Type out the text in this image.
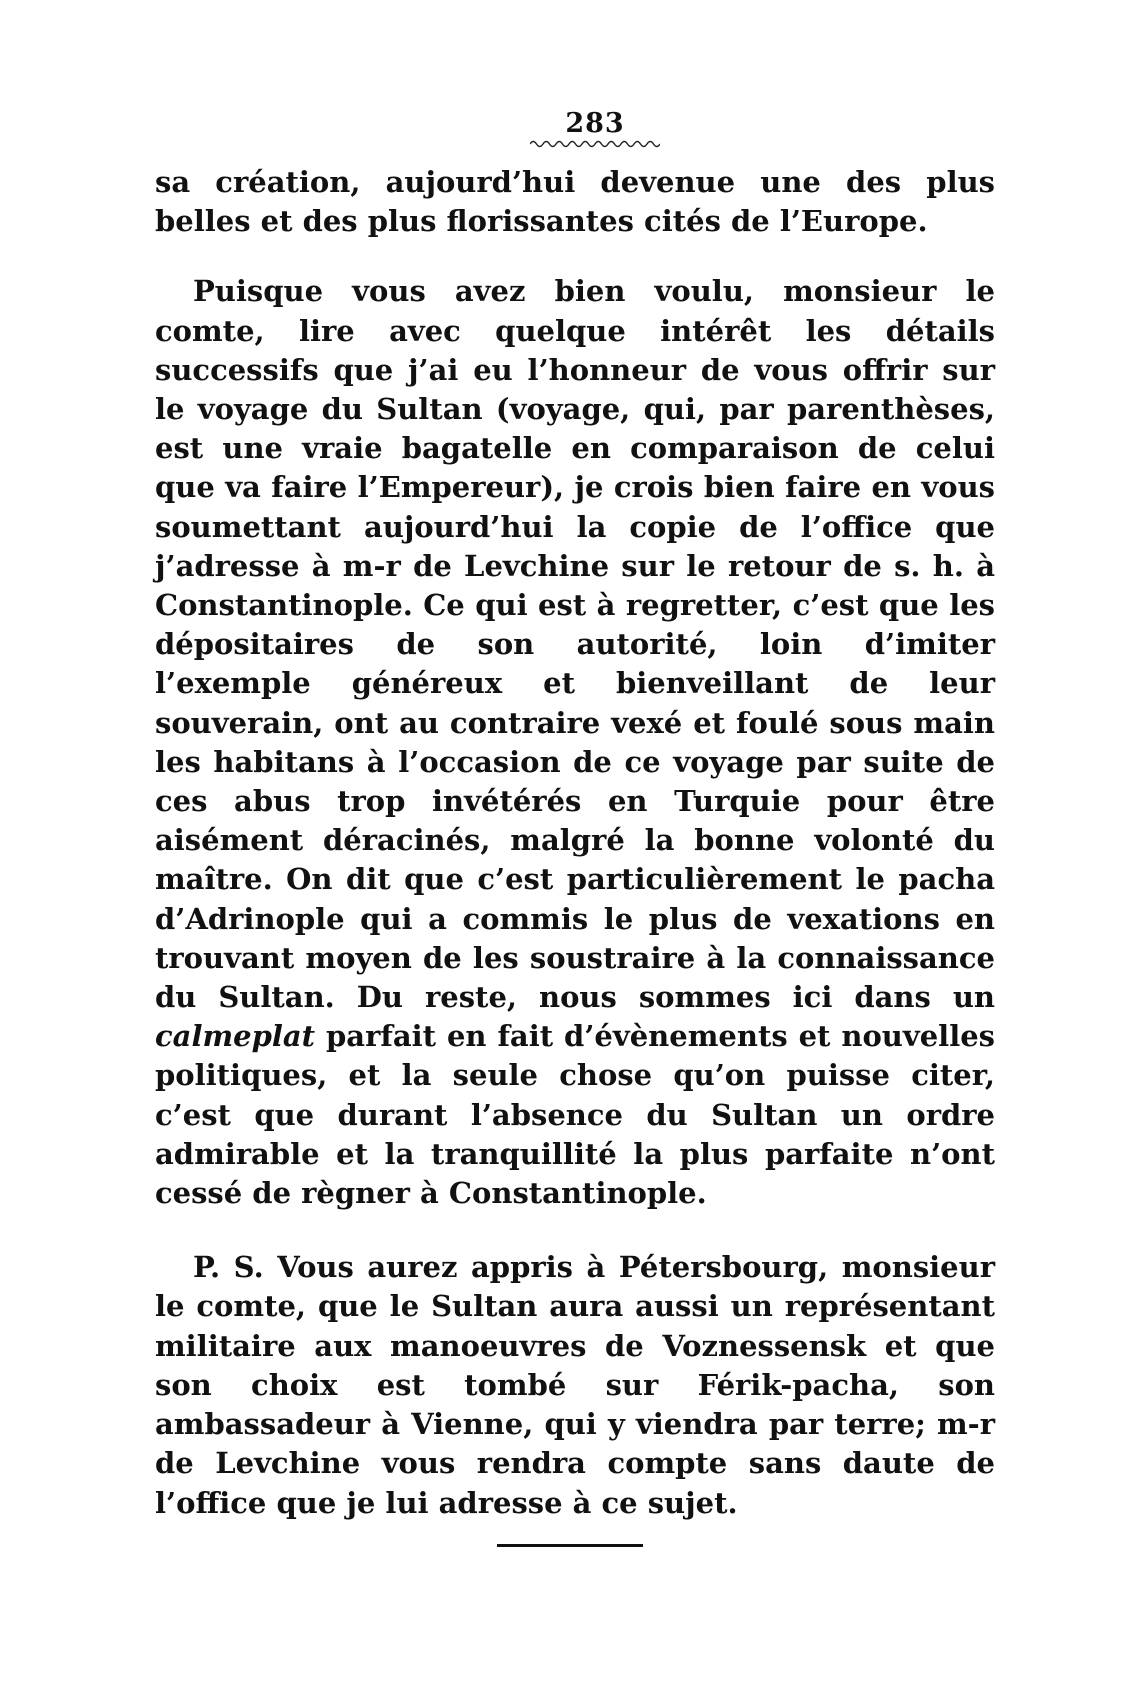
283

sa création, aujourd’hui devenue une des plus belles et des plus florissantes cités de l’Europe.

Puisque vous avez bien voulu, monsieur le comte, lire avec quelque intérêt les détails successifs que j’ai eu l’honneur de vous offrir sur le voyage du Sultan (voyage, qui, par parenthèses, est une vraie bagatelle en comparaison de celui que va faire l’Empereur), je crois bien faire en vous soumettant aujourd’hui la copie de l’office que j’adresse à m-r de Levchine sur le retour de s. h. à Constantinople. Ce qui est à regretter, c’est que les dépositaires de son autorité, loin d’imiter l’exemple généreux et bienveillant de leur souverain, ont au contraire vexé et foulé sous main les habitans à l’occasion de ce voyage par suite de ces abus trop invétérés en Turquie pour être aisément déracinés, malgré la bonne volonté du maître. On dit que c’est particulièrement le pacha d’Adrinople qui a commis le plus de vexations en trouvant moyen de les soustraire à la connaissance du Sultan. Du reste, nous sommes ici dans un calmeplat parfait en fait d’évènements et nouvelles politiques, et la seule chose qu’on puisse citer, c’est que durant l’absence du Sultan un ordre admirable et la tranquillité la plus parfaite n’ont cessé de règner à Constantinople.

P. S. Vous aurez appris à Pétersbourg, monsieur le comte, que le Sultan aura aussi un représentant militaire aux manoeuvres de Voznessensk et que son choix est tombé sur Férik-pacha, son ambassadeur à Vienne, qui y viendra par terre; m-r de Levchine vous rendra compte sans daute de l’office que je lui adresse à ce sujet.
